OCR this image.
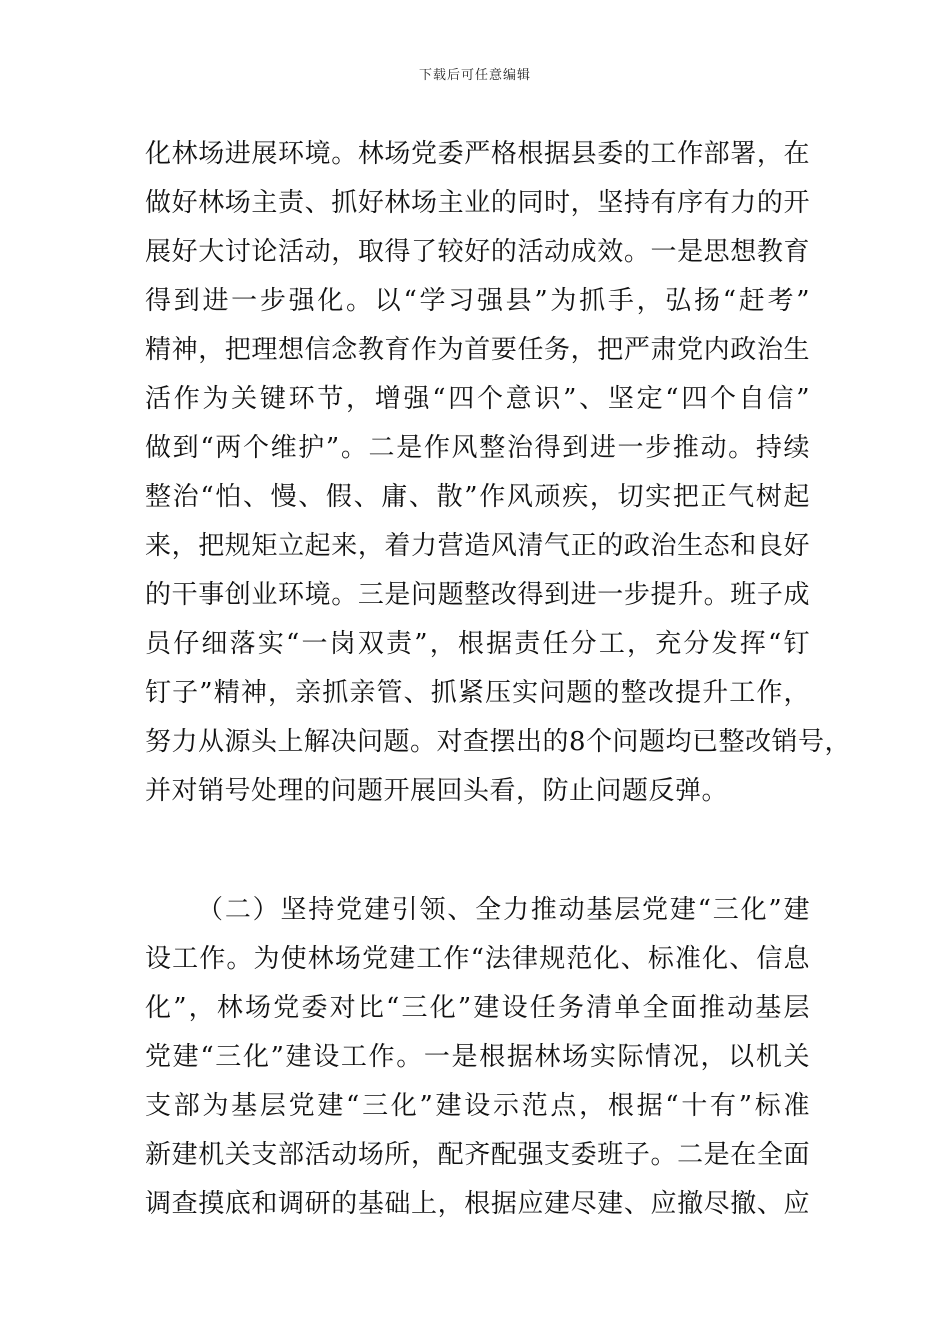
下载后可任意编辑
化林场进展环境。林场党委严格根据县委的工作部署，在
做好林场主责、抓好林场主业的同时，坚持有序有力的开
展好大讨论活动，取得了较好的活动成效。一是思想教育
得到进一步强化。以“学习强县”为抓手，弘扬“赶考”
精神，把理想信念教育作为首要任务，把严肃党内政治生
活作为关键环节，增强“四个意识”、坚定“四个自信”
做到“两个维护”。二是作风整治得到进一步推动。持续
整治“怕、慢、假、庸、散”作风顽疾，切实把正气树起
来，把规矩立起来，着力营造风清气正的政治生态和良好
的干事创业环境。三是问题整改得到进一步提升。班子成
员仔细落实“一岗双责”，根据责任分工，充分发挥“钉
钉子”精神，亲抓亲管、抓紧压实问题的整改提升工作，
努力从源头上解决问题。对查摆出的8个问题均已整改销号，
并对销号处理的问题开展回头看，防止问题反弹。
（二）坚持党建引领、全力推动基层党建“三化”建
设工作。为使林场党建工作“法律规范化、标准化、信息
化”，林场党委对比“三化”建设任务清单全面推动基层
党建“三化”建设工作。一是根据林场实际情况，以机关
支部为基层党建“三化”建设示范点，根据“十有”标准
新建机关支部活动场所，配齐配强支委班子。二是在全面
调查摸底和调研的基础上，根据应建尽建、应撤尽撤、应
